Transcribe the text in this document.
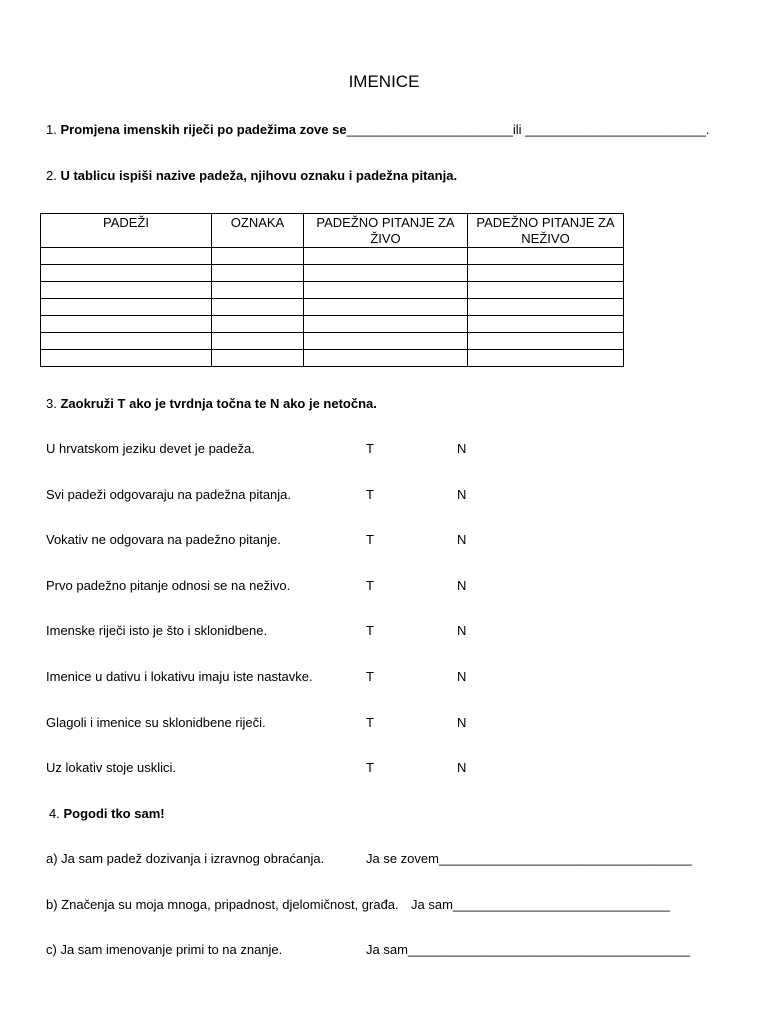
IMENICE
1. Promjena imenskih riječi po padežima zove se_______________________ili _________________________.
2. U tablicu ispiši nazive padeža, njihovu oznaku i padežna pitanja.
PADEŽI	OZNAKA	PADEŽNO PITANJE ZA ŽIVO	PADEŽNO PITANJE ZA NEŽIVO

3. Zaokruži T ako je tvrdnja točna te N ako je netočna.
U hrvatskom jeziku devet je padeža.	T	N
Svi padeži odgovaraju na padežna pitanja.	T	N
Vokativ ne odgovara na padežno pitanje.	T	N
Prvo padežno pitanje odnosi se na neživo.	T	N
Imenske riječi isto je što i sklonidbene.	T	N
Imenice u dativu i lokativu imaju iste nastavke.	T	N
Glagoli i imenice su sklonidbene riječi.	T	N
Uz lokativ stoje usklici.	T	N
4. Pogodi tko sam!
a) Ja sam padež dozivanja i izravnog obraćanja.	Ja se zovem___________________________________
b) Značenja su moja mnoga, pripadnost, djelomičnost, građa. Ja sam______________________________
c) Ja sam imenovanje primi to na znanje.	Ja sam_______________________________________
